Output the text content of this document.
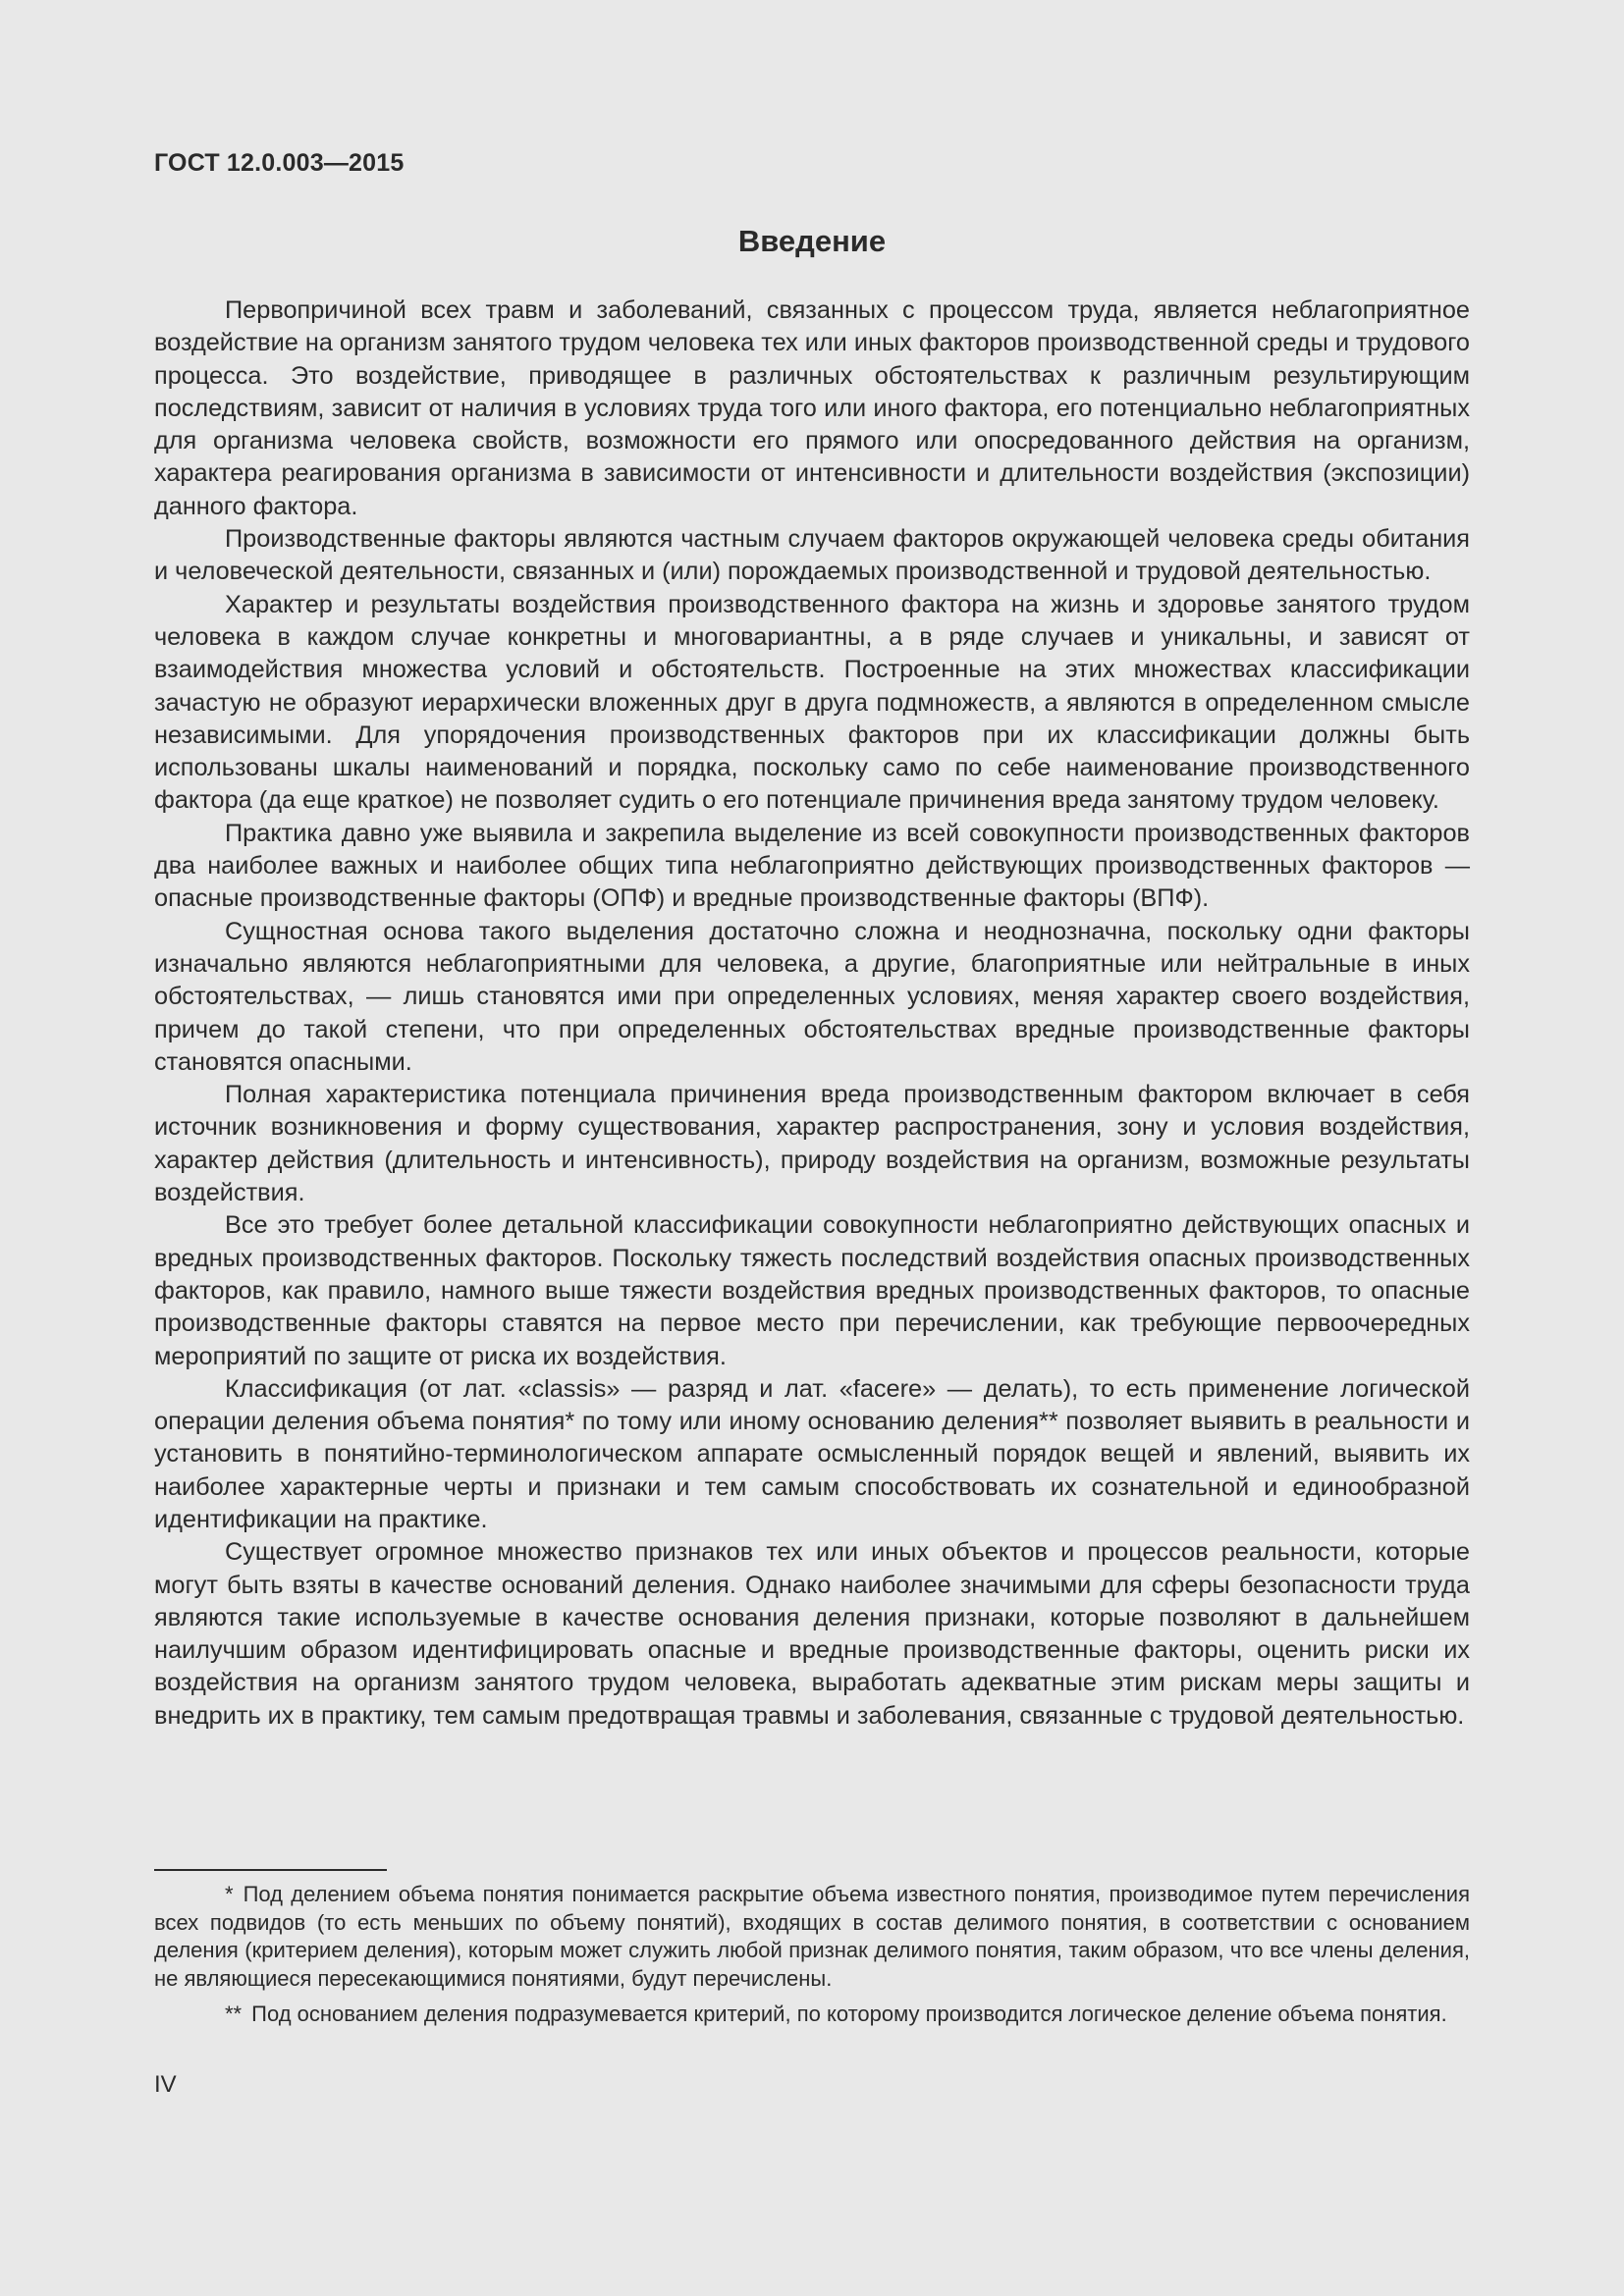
ГОСТ 12.0.003—2015

Введение

Первопричиной всех травм и заболеваний, связанных с процессом труда, является неблагоприятное воздействие на организм занятого трудом человека тех или иных факторов производственной среды и трудового процесса. Это воздействие, приводящее в различных обстоятельствах к различным результирующим последствиям, зависит от наличия в условиях труда того или иного фактора, его потенциально неблагоприятных для организма человека свойств, возможности его прямого или опосредованного действия на организм, характера реагирования организма в зависимости от интенсивности и длительности воздействия (экспозиции) данного фактора.

Производственные факторы являются частным случаем факторов окружающей человека среды обитания и человеческой деятельности, связанных и (или) порождаемых производственной и трудовой деятельностью.

Характер и результаты воздействия производственного фактора на жизнь и здоровье занятого трудом человека в каждом случае конкретны и многовариантны, а в ряде случаев и уникальны, и зависят от взаимодействия множества условий и обстоятельств. Построенные на этих множествах классификации зачастую не образуют иерархически вложенных друг в друга подмножеств, а являются в определенном смысле независимыми. Для упорядочения производственных факторов при их классификации должны быть использованы шкалы наименований и порядка, поскольку само по себе наименование производственного фактора (да еще краткое) не позволяет судить о его потенциале причинения вреда занятому трудом человеку.

Практика давно уже выявила и закрепила выделение из всей совокупности производственных факторов два наиболее важных и наиболее общих типа неблагоприятно действующих производственных факторов — опасные производственные факторы (ОПФ) и вредные производственные факторы (ВПФ).

Сущностная основа такого выделения достаточно сложна и неоднозначна, поскольку одни факторы изначально являются неблагоприятными для человека, а другие, благоприятные или нейтральные в иных обстоятельствах, — лишь становятся ими при определенных условиях, меняя характер своего воздействия, причем до такой степени, что при определенных обстоятельствах вредные производственные факторы становятся опасными.

Полная характеристика потенциала причинения вреда производственным фактором включает в себя источник возникновения и форму существования, характер распространения, зону и условия воздействия, характер действия (длительность и интенсивность), природу воздействия на организм, возможные результаты воздействия.

Все это требует более детальной классификации совокупности неблагоприятно действующих опасных и вредных производственных факторов. Поскольку тяжесть последствий воздействия опасных производственных факторов, как правило, намного выше тяжести воздействия вредных производственных факторов, то опасные производственные факторы ставятся на первое место при перечислении, как требующие первоочередных мероприятий по защите от риска их воздействия.

Классификация (от лат. «classis» — разряд и лат. «facere» — делать), то есть применение логической операции деления объема понятия* по тому или иному основанию деления** позволяет выявить в реальности и установить в понятийно-терминологическом аппарате осмысленный порядок вещей и явлений, выявить их наиболее характерные черты и признаки и тем самым способствовать их сознательной и единообразной идентификации на практике.

Существует огромное множество признаков тех или иных объектов и процессов реальности, которые могут быть взяты в качестве оснований деления. Однако наиболее значимыми для сферы безопасности труда являются такие используемые в качестве основания деления признаки, которые позволяют в дальнейшем наилучшим образом идентифицировать опасные и вредные производственные факторы, оценить риски их воздействия на организм занятого трудом человека, выработать адекватные этим рискам меры защиты и внедрить их в практику, тем самым предотвращая травмы и заболевания, связанные с трудовой деятельностью.

* Под делением объема понятия понимается раскрытие объема известного понятия, производимое путем перечисления всех подвидов (то есть меньших по объему понятий), входящих в состав делимого понятия, в соответствии с основанием деления (критерием деления), которым может служить любой признак делимого понятия, таким образом, что все члены деления, не являющиеся пересекающимися понятиями, будут перечислены.

** Под основанием деления подразумевается критерий, по которому производится логическое деление объема понятия.

IV
